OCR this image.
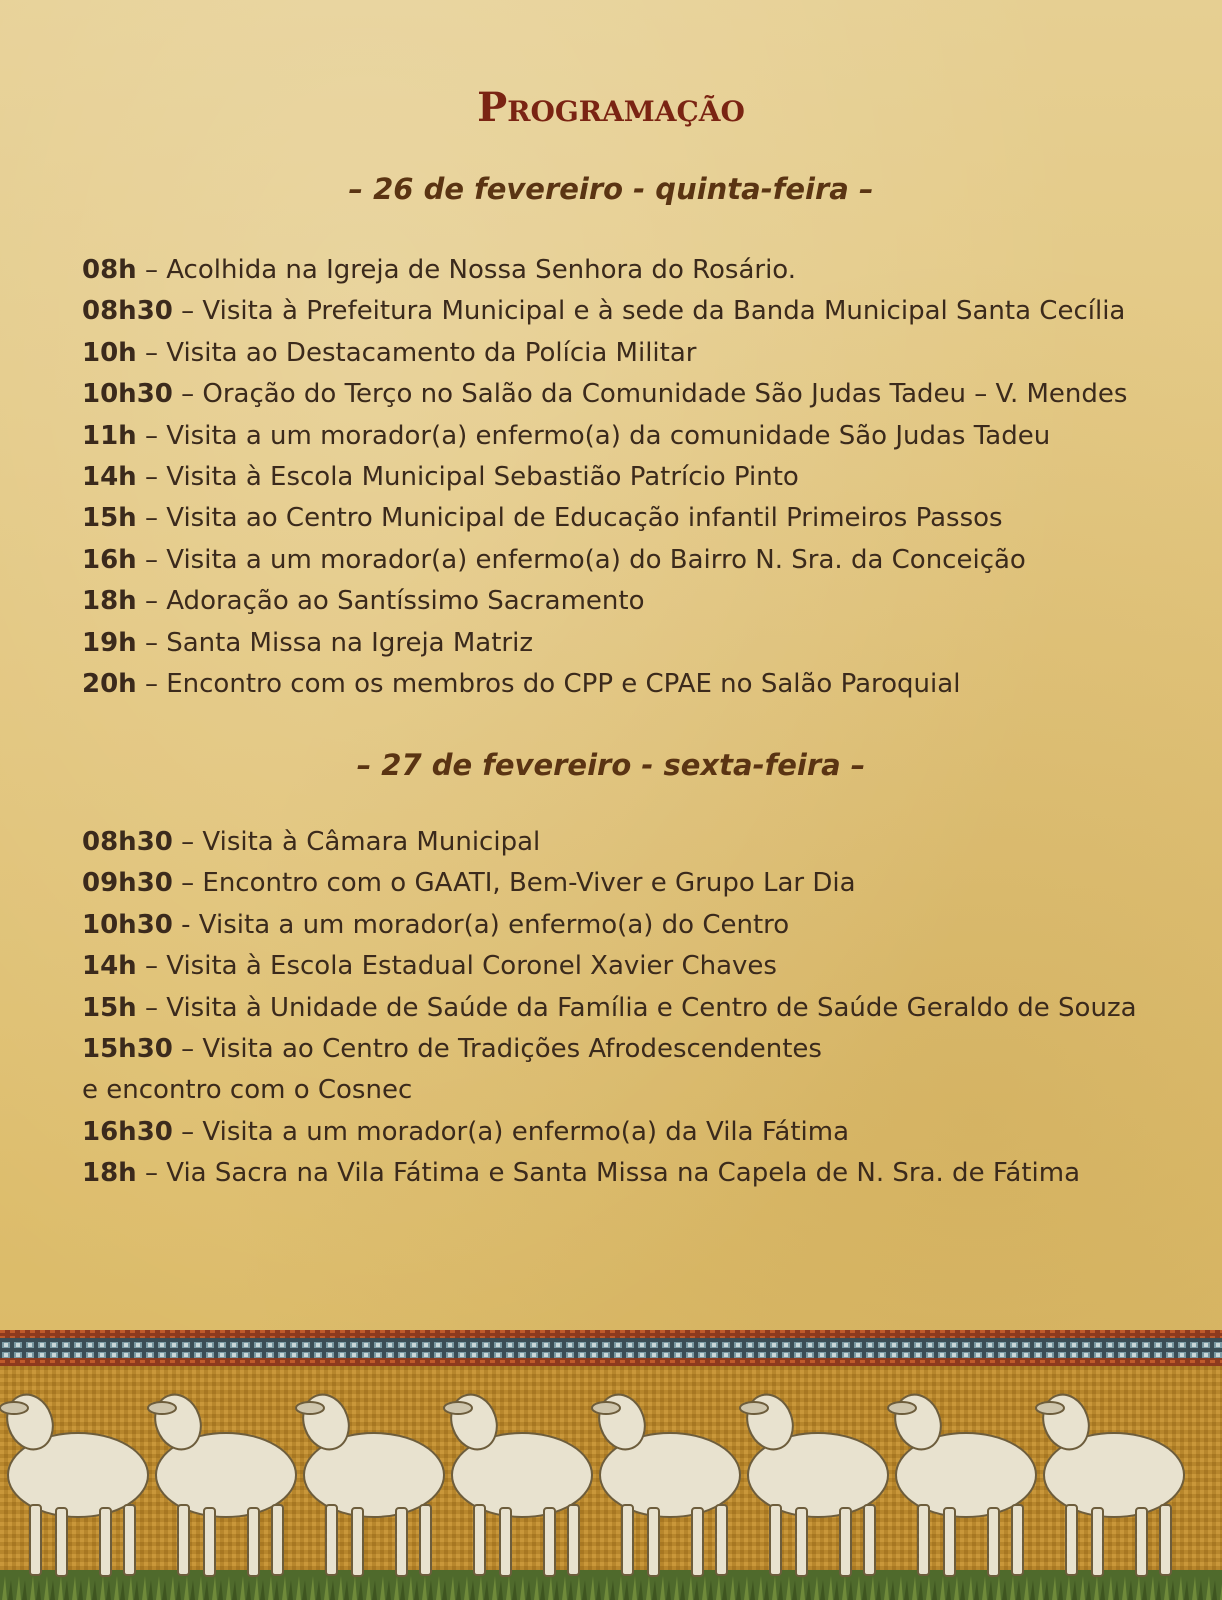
Programação
– 26 de fevereiro - quinta-feira –
08h – Acolhida na Igreja de Nossa Senhora do Rosário.
08h30 – Visita à Prefeitura Municipal e à sede da Banda Municipal Santa Cecília
10h – Visita ao Destacamento da Polícia Militar
10h30 – Oração do Terço no Salão da Comunidade São Judas Tadeu – V. Mendes
11h – Visita a um morador(a) enfermo(a) da comunidade São Judas Tadeu
14h – Visita à Escola Municipal Sebastião Patrício Pinto
15h – Visita ao Centro Municipal de Educação infantil Primeiros Passos
16h – Visita a um morador(a) enfermo(a) do Bairro N. Sra. da Conceição
18h – Adoração ao Santíssimo Sacramento
19h – Santa Missa na Igreja Matriz
20h – Encontro com os membros do CPP e CPAE no Salão Paroquial
– 27 de fevereiro - sexta-feira –
08h30 – Visita à Câmara Municipal
09h30 – Encontro com o GAATI, Bem-Viver e Grupo Lar Dia
10h30 - Visita a um morador(a) enfermo(a) do Centro
14h – Visita à Escola Estadual Coronel Xavier Chaves
15h – Visita à Unidade de Saúde da Família e Centro de Saúde Geraldo de Souza
15h30 – Visita ao Centro de Tradições Afrodescendentes
e encontro com o Cosnec
16h30 – Visita a um morador(a) enfermo(a) da Vila Fátima
18h – Via Sacra na Vila Fátima e Santa Missa na Capela de N. Sra. de Fátima
